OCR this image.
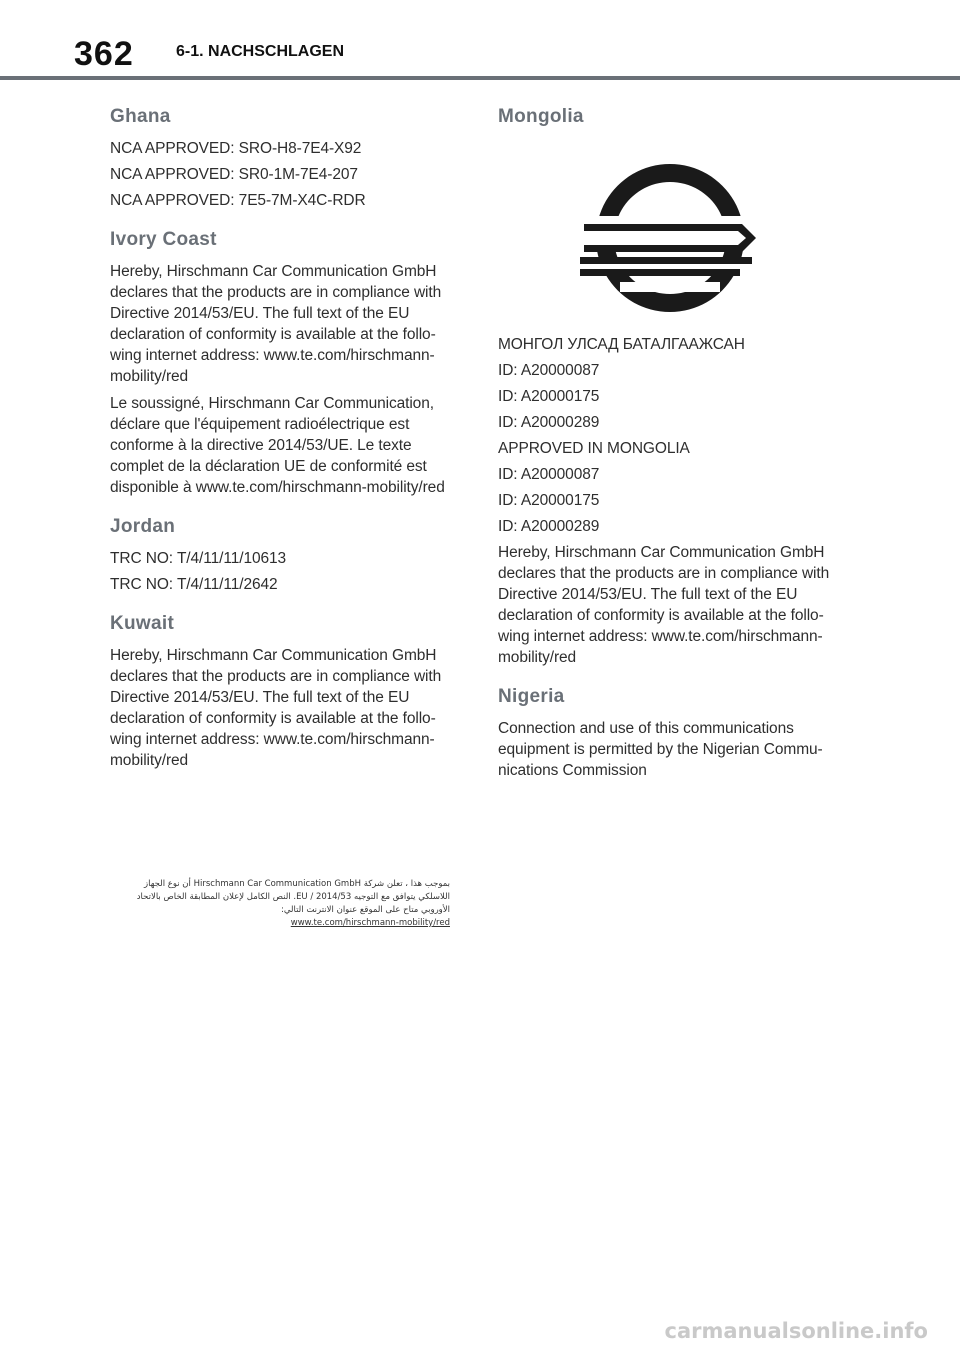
362	6-1. NACHSCHLAGEN
Ghana

NCA APPROVED: SRO-H8-7E4-X92

NCA APPROVED: SR0-1M-7E4-207

NCA APPROVED: 7E5-7M-X4C-RDR

Ivory Coast

Hereby, Hirschmann Car Communication GmbH declares that the products are in compliance with Directive 2014/53/EU. The full text of the EU declaration of conformity is available at the follo-wing internet address: www.te.com/hirschmann-mobility/red

Le soussigné, Hirschmann Car Communication, déclare que l'équipement radioélectrique est conforme à la directive 2014/53/UE. Le texte complet de la déclaration UE de conformité est disponible à www.te.com/hirschmann-mobility/red

Jordan

TRC NO: T/4/11/11/10613

TRC NO: T/4/11/11/2642

Kuwait

Hereby, Hirschmann Car Communication GmbH declares that the products are in compliance with Directive 2014/53/EU. The full text of the EU declaration of conformity is available at the follo-wing internet address: www.te.com/hirschmann-mobility/red

بموجب هذا ، تعلن شركة Hirschmann Car Communication GmbH أن نوع الجهاز اللاسلكي يتوافق مع التوجيه 2014/53 / EU. النص الكامل لإعلان المطابقة الخاص بالاتحاد الأوروبي متاح على الموقع عنوان الانترنت التالي:
www.te.com/hirschmann-mobility/red
Mongolia

МОНГОЛ УЛСАД БАТАЛГААЖСАН

ID: A20000087

ID: A20000175

ID: A20000289

APPROVED IN MONGOLIA

ID: A20000087

ID: A20000175

ID: A20000289

Hereby, Hirschmann Car Communication GmbH declares that the products are in compliance with Directive 2014/53/EU. The full text of the EU declaration of conformity is available at the follo-wing internet address: www.te.com/hirschmann-mobility/red

Nigeria

Connection and use of this communications equipment is permitted by the Nigerian Commu-nications Commission

carmanualsonline.info
